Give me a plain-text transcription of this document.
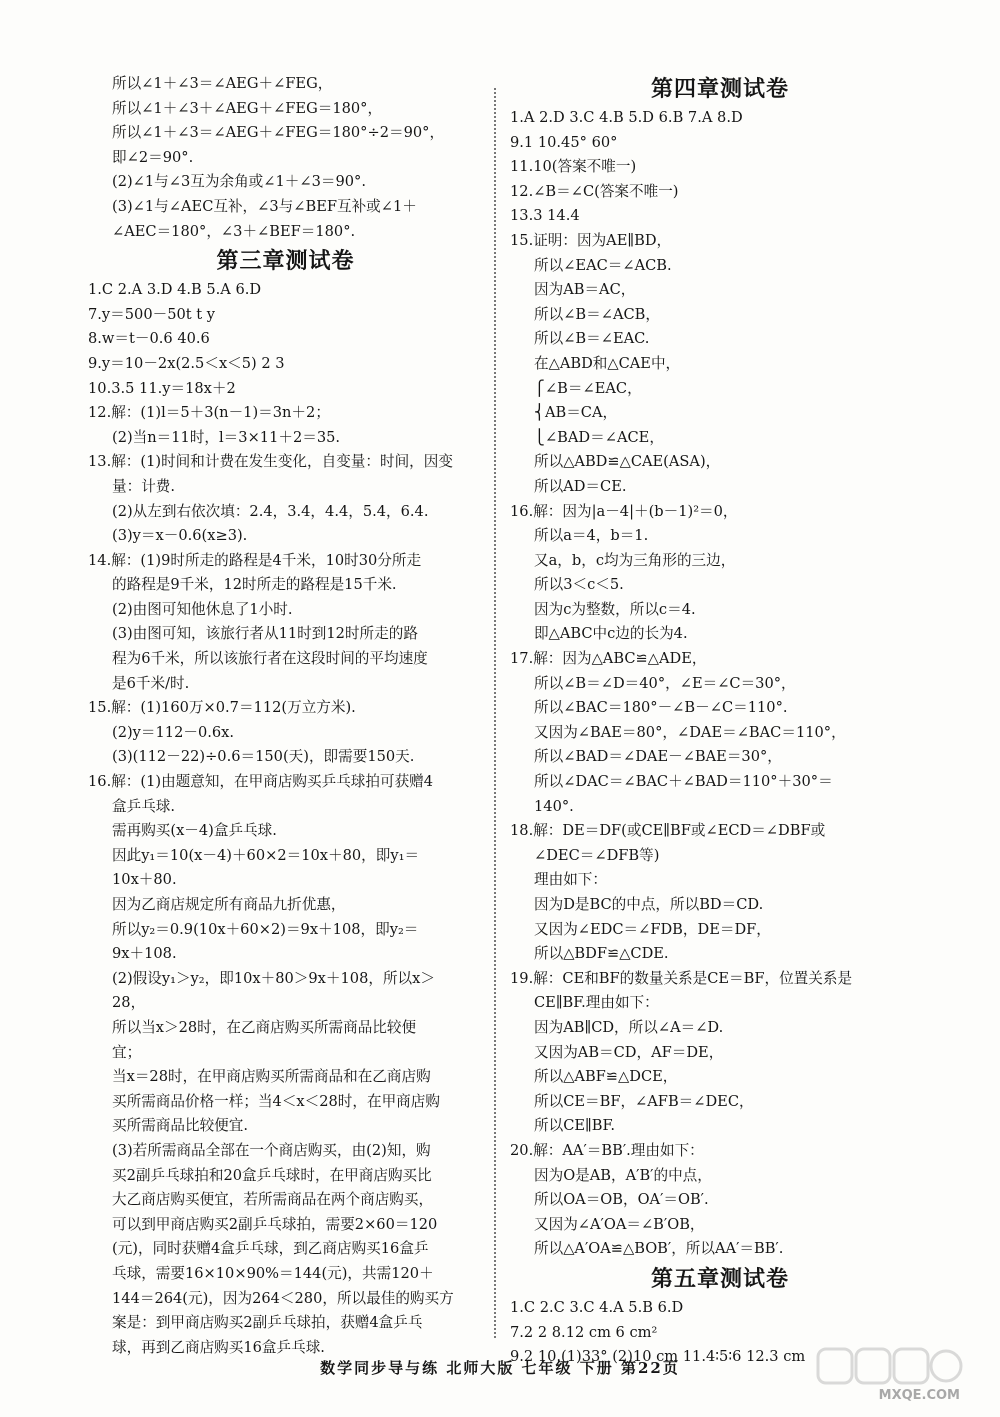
所以∠1＋∠3＝∠AEG＋∠FEG，
所以∠1＋∠3＋∠AEG＋∠FEG＝180°，
所以∠1＋∠3＝∠AEG＋∠FEG＝180°÷2＝90°，
即∠2＝90°.
(2)∠1与∠3互为余角或∠1＋∠3＝90°.
(3)∠1与∠AEC互补，∠3与∠BEF互补或∠1＋
∠AEC＝180°，∠3＋∠BEF＝180°.
第三章测试卷
1.C 2.A 3.D 4.B 5.A 6.D
7.y＝500－50t t y
8.w＝t－0.6 40.6
9.y＝10－2x(2.5＜x＜5) 2 3
10.3.5 11.y＝18x＋2
12.解：(1)l＝5＋3(n－1)＝3n＋2；
(2)当n＝11时，l＝3×11＋2＝35.
13.解：(1)时间和计费在发生变化，自变量：时间，因变
量：计费.
(2)从左到右依次填：2.4，3.4，4.4，5.4，6.4.
(3)y＝x－0.6(x≥3).
14.解：(1)9时所走的路程是4千米，10时30分所走
的路程是9千米，12时所走的路程是15千米.
(2)由图可知他休息了1小时.
(3)由图可知，该旅行者从11时到12时所走的路
程为6千米，所以该旅行者在这段时间的平均速度
是6千米/时.
15.解：(1)160万×0.7＝112(万立方米).
(2)y＝112－0.6x.
(3)(112－22)÷0.6＝150(天)，即需要150天.
16.解：(1)由题意知，在甲商店购买乒乓球拍可获赠4
盒乒乓球.
需再购买(x－4)盒乒乓球.
因此y₁＝10(x－4)＋60×2＝10x＋80，即y₁＝
10x＋80.
因为乙商店规定所有商品九折优惠，
所以y₂＝0.9(10x＋60×2)＝9x＋108，即y₂＝
9x＋108.
(2)假设y₁＞y₂，即10x＋80＞9x＋108，所以x＞
28，
所以当x＞28时，在乙商店购买所需商品比较便
宜；
当x＝28时，在甲商店购买所需商品和在乙商店购
买所需商品价格一样；当4＜x＜28时，在甲商店购
买所需商品比较便宜.
(3)若所需商品全部在一个商店购买，由(2)知，购
买2副乒乓球拍和20盒乒乓球时，在甲商店购买比
大乙商店购买便宜，若所需商品在两个商店购买，
可以到甲商店购买2副乒乓球拍，需要2×60＝120
(元)，同时获赠4盒乒乓球，到乙商店购买16盒乒
乓球，需要16×10×90%＝144(元)，共需120＋
144＝264(元)，因为264＜280，所以最佳的购买方
案是：到甲商店购买2副乒乓球拍，获赠4盒乒乓
球，再到乙商店购买16盒乒乓球.
第四章测试卷
1.A 2.D 3.C 4.B 5.D 6.B 7.A 8.D
9.1 10.45° 60°
11.10(答案不唯一)
12.∠B＝∠C(答案不唯一)
13.3 14.4
15.证明：因为AE∥BD，
所以∠EAC＝∠ACB.
因为AB＝AC，
所以∠B＝∠ACB，
所以∠B＝∠EAC.
在△ABD和△CAE中，
⎧∠B＝∠EAC，
⎨AB＝CA，
⎩∠BAD＝∠ACE，
所以△ABD≌△CAE(ASA)，
所以AD＝CE.
16.解：因为|a－4|＋(b－1)²＝0，
所以a＝4，b＝1.
又a，b，c均为三角形的三边，
所以3＜c＜5.
因为c为整数，所以c＝4.
即△ABC中c边的长为4.
17.解：因为△ABC≌△ADE，
所以∠B＝∠D＝40°，∠E＝∠C＝30°，
所以∠BAC＝180°－∠B－∠C＝110°.
又因为∠BAE＝80°，∠DAE＝∠BAC＝110°，
所以∠BAD＝∠DAE－∠BAE＝30°，
所以∠DAC＝∠BAC＋∠BAD＝110°＋30°＝
140°.
18.解：DE＝DF(或CE∥BF或∠ECD＝∠DBF或
∠DEC＝∠DFB等)
理由如下：
因为D是BC的中点，所以BD＝CD.
又因为∠EDC＝∠FDB，DE＝DF，
所以△BDF≌△CDE.
19.解：CE和BF的数量关系是CE＝BF，位置关系是
CE∥BF.理由如下：
因为AB∥CD，所以∠A＝∠D.
又因为AB＝CD，AF＝DE，
所以△ABF≌△DCE，
所以CE＝BF，∠AFB＝∠DEC，
所以CE∥BF.
20.解：AA′＝BB′.理由如下：
因为O是AB，A′B′的中点，
所以OA＝OB，OA′＝OB′.
又因为∠A′OA＝∠B′OB，
所以△A′OA≌△BOB′，所以AA′＝BB′.
第五章测试卷
1.C 2.C 3.C 4.A 5.B 6.D
7.2 2 8.12 cm 6 cm²
9.2 10.(1)33° (2)10 cm 11.4∶5∶6 12.3 cm
数学同步导与练 北师大版 七年级 下册 第22页
MXQE.COM
